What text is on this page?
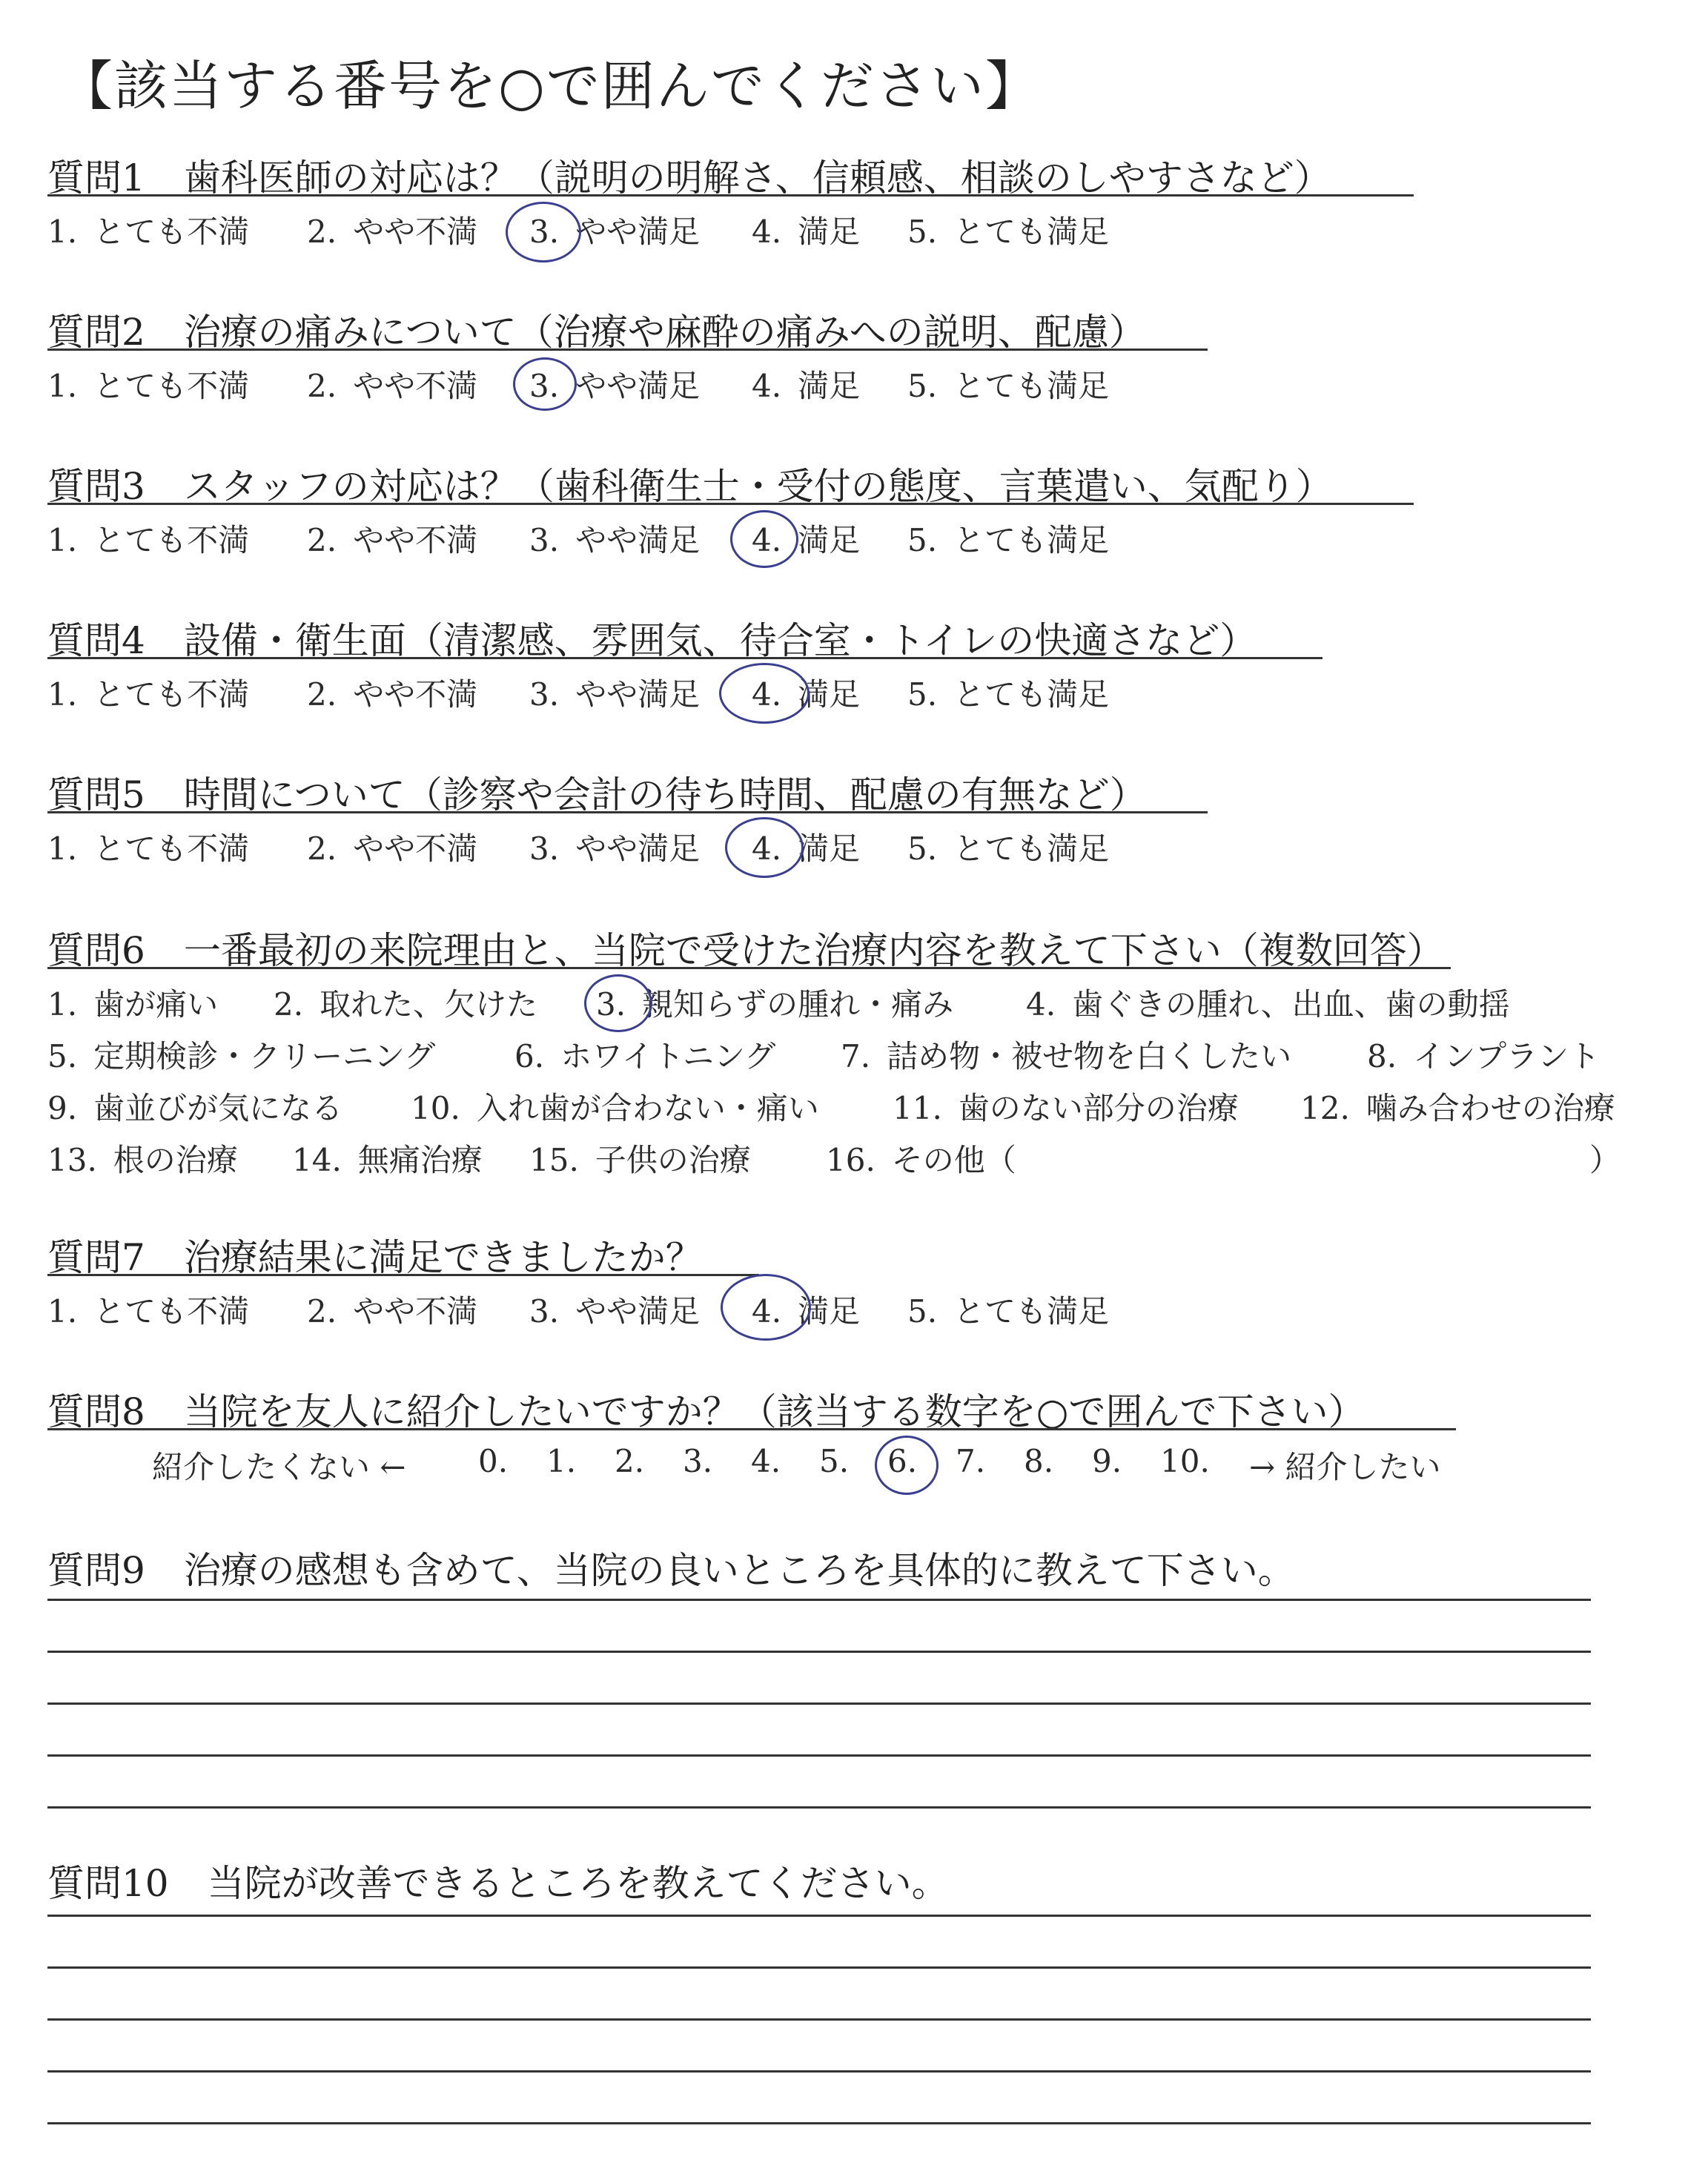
【該当する番号を○で囲んでください】
質問1 歯科医師の対応は？（説明の明解さ、信頼感、相談のしやすさなど）
1. とても不満 2. やや不満 3. やや満足 4. 満足 5. とても満足
質問2 治療の痛みについて（治療や麻酔の痛みへの説明、配慮）
1. とても不満 2. やや不満 3. やや満足 4. 満足 5. とても満足
質問3 スタッフの対応は？（歯科衛生士・受付の態度、言葉遣い、気配り）
1. とても不満 2. やや不満 3. やや満足 4. 満足 5. とても満足
質問4 設備・衛生面（清潔感、雰囲気、待合室・トイレの快適さなど）
1. とても不満 2. やや不満 3. やや満足 4. 満足 5. とても満足
質問5 時間について（診察や会計の待ち時間、配慮の有無など）
1. とても不満 2. やや不満 3. やや満足 4. 満足 5. とても満足
質問6 一番最初の来院理由と、当院で受けた治療内容を教えて下さい（複数回答）
1. 歯が痛い 2. 取れた、欠けた 3. 親知らずの腫れ・痛み 4. 歯ぐきの腫れ、出血、歯の動揺
5. 定期検診・クリーニング	6. ホワイトニング 7. 詰め物・被せ物を白くしたい 8. インプラント
9. 歯並びが気になる 10. 入れ歯が合わない・痛い 11. 歯のない部分の治療 12. 噛み合わせの治療
13. 根の治療 14. 無痛治療 15. 子供の治療 16. その他（	）
質問7 治療結果に満足できましたか？
1. とても不満 2. やや不満 3. やや満足 4. 満足 5. とても満足
質問8 当院を友人に紹介したいですか？（該当する数字を○で囲んで下さい）
紹介したくない ← 0. 1. 2. 3. 4. 5. 6. 7. 8. 9. 10. → 紹介したい
質問9 治療の感想も含めて、当院の良いところを具体的に教えて下さい。
質問10 当院が改善できるところを教えてください。
